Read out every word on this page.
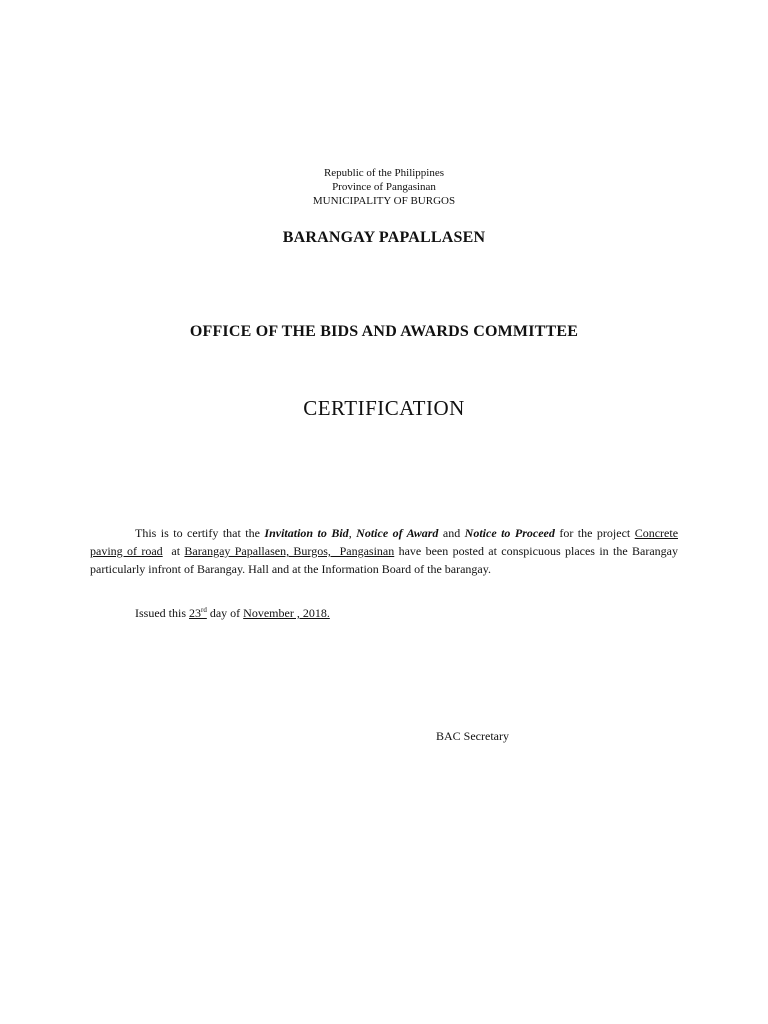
Republic of the Philippines
Province of Pangasinan
MUNICIPALITY OF BURGOS
BARANGAY PAPALLASEN
OFFICE OF THE BIDS AND AWARDS COMMITTEE
CERTIFICATION

This is to certify that the Invitation to Bid, Notice of Award and Notice to Proceed for the project Concrete paving of road  at Barangay Papallasen, Burgos,  Pangasinan have been posted at conspicuous places in the Barangay particularly infront of Barangay. Hall and at the Information Board of the barangay.

Issued this 23rd day of November , 2018.
BAC Secretary
